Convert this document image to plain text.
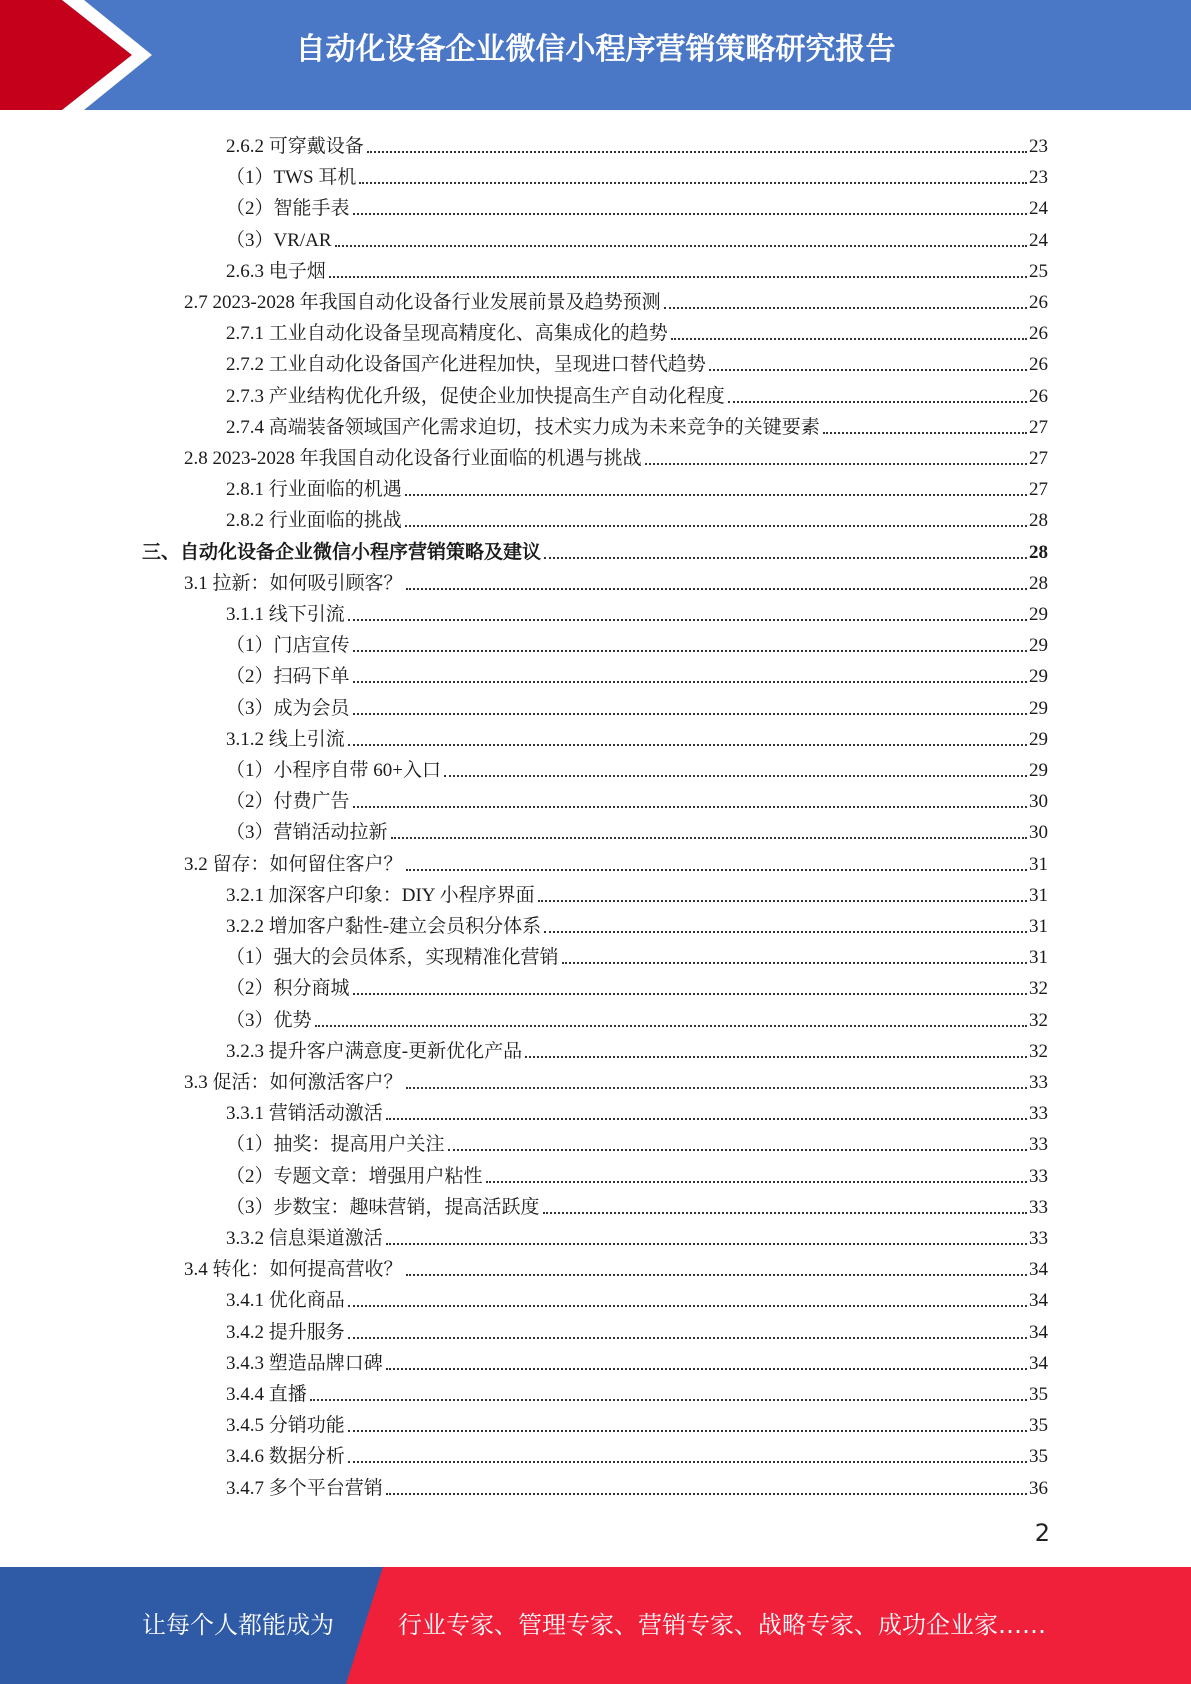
自动化设备企业微信小程序营销策略研究报告
2.6.2 可穿戴设备	23
（1）TWS 耳机	23
（2）智能手表	24
（3）VR/AR	24
2.6.3 电子烟	25
2.7 2023-2028 年我国自动化设备行业发展前景及趋势预测	26
2.7.1 工业自动化设备呈现高精度化、高集成化的趋势	26
2.7.2 工业自动化设备国产化进程加快，呈现进口替代趋势	26
2.7.3 产业结构优化升级，促使企业加快提高生产自动化程度	26
2.7.4 高端装备领域国产化需求迫切，技术实力成为未来竞争的关键要素	27
2.8 2023-2028 年我国自动化设备行业面临的机遇与挑战	27
2.8.1 行业面临的机遇	27
2.8.2 行业面临的挑战	28
三、自动化设备企业微信小程序营销策略及建议	28
3.1 拉新：如何吸引顾客？	28
3.1.1 线下引流	29
（1）门店宣传	29
（2）扫码下单	29
（3）成为会员	29
3.1.2 线上引流	29
（1）小程序自带 60+入口	29
（2）付费广告	30
（3）营销活动拉新	30
3.2 留存：如何留住客户？	31
3.2.1 加深客户印象：DIY 小程序界面	31
3.2.2 增加客户黏性-建立会员积分体系	31
（1）强大的会员体系，实现精准化营销	31
（2）积分商城	32
（3）优势	32
3.2.3 提升客户满意度-更新优化产品	32
3.3 促活：如何激活客户？	33
3.3.1 营销活动激活	33
（1）抽奖：提高用户关注	33
（2）专题文章：增强用户粘性	33
（3）步数宝：趣味营销，提高活跃度	33
3.3.2 信息渠道激活	33
3.4 转化：如何提高营收？	34
3.4.1 优化商品	34
3.4.2 提升服务	34
3.4.3 塑造品牌口碑	34
3.4.4 直播	35
3.4.5 分销功能	35
3.4.6 数据分析	35
3.4.7 多个平台营销	36
2
让每个人都能成为	行业专家、管理专家、营销专家、战略专家、成功企业家……
